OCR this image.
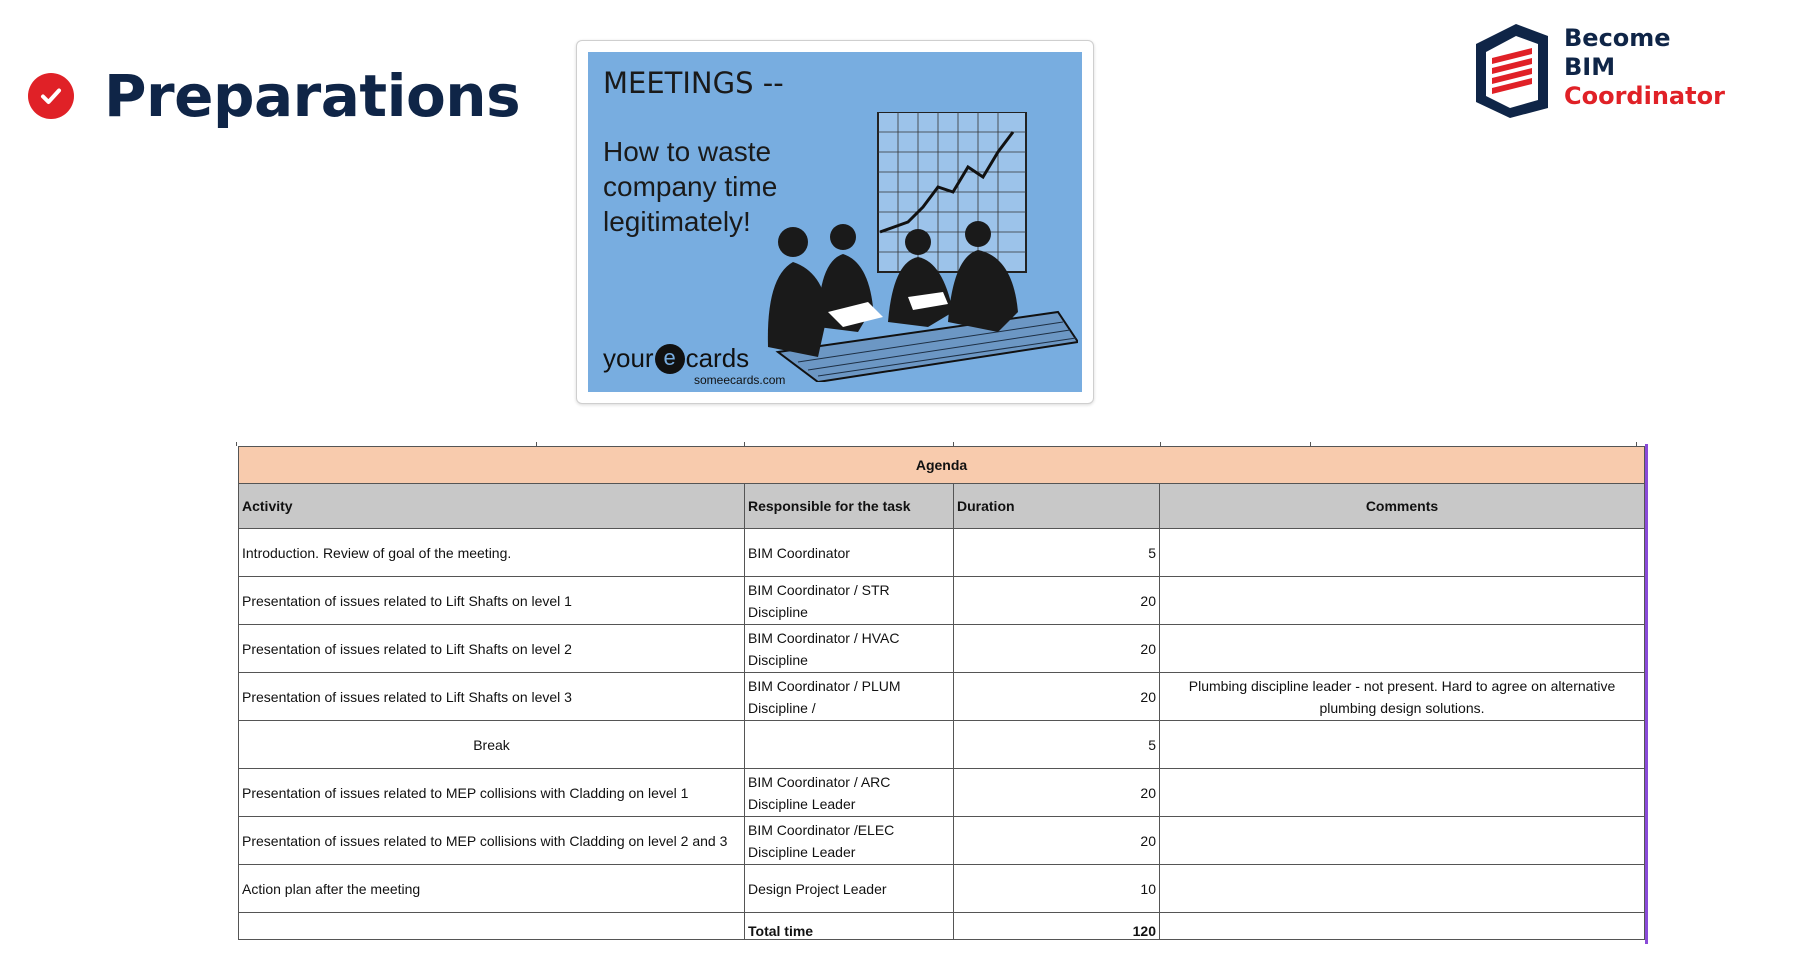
Preparations	MEETINGS --
How to waste company time legitimately!
your e cards
someecards.com
Become
BIM
Coordinator
Agenda			
Activity	Responsible for the task	Duration	Comments
Introduction. Review of goal of the meeting.	BIM Coordinator	5	
Presentation of issues related to Lift Shafts on level 1	BIM Coordinator / STR Discipline	20	
Presentation of issues related to Lift Shafts on level 2	BIM Coordinator / HVAC Discipline	20	
Presentation of issues related to Lift Shafts on level 3	BIM Coordinator / PLUM Discipline /	20	Plumbing discipline leader - not present. Hard to agree on alternative plumbing design solutions.
Break		5	
Presentation of issues related to MEP collisions with Cladding on level 1	BIM Coordinator / ARC Discipline Leader	20	
Presentation of issues related to MEP collisions with Cladding on level 2 and 3	BIM Coordinator /ELEC Discipline Leader	20	
Action plan after the meeting	Design Project Leader	10	
	Total time	120	
